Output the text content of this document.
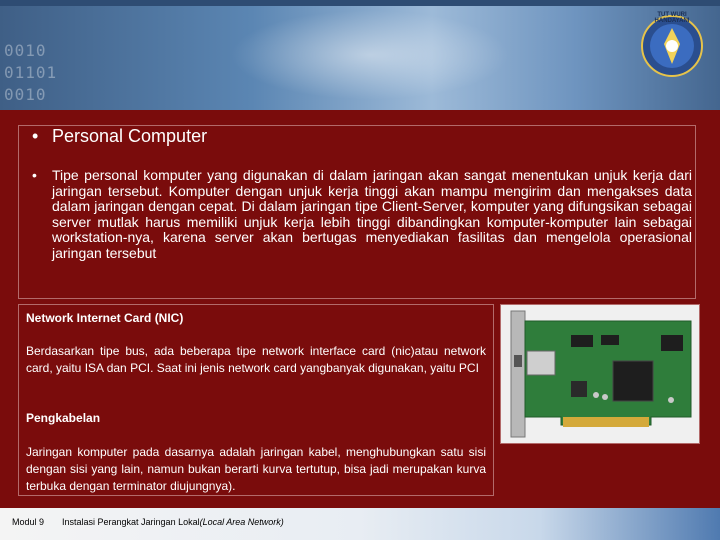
0010
01101
0010
TUT WURI HANDAYANI
• Personal Computer
• Tipe personal komputer yang digunakan di dalam jaringan akan sangat menentukan unjuk kerja dari jaringan tersebut. Komputer dengan unjuk kerja tinggi akan mampu mengirim dan mengakses data dalam jaringan dengan cepat. Di dalam jaringan tipe Client-Server, komputer yang difungsikan sebagai server mutlak harus memiliki unjuk kerja lebih tinggi dibandingkan komputer-komputer lain sebagai workstation-nya, karena server akan bertugas menyediakan fasilitas dan mengelola operasional jaringan tersebut
Network Internet Card (NIC)
Berdasarkan tipe bus, ada beberapa tipe network interface card (nic)atau network card, yaitu ISA dan PCI. Saat ini jenis network card yangbanyak digunakan, yaitu PCI
Pengkabelan
Jaringan komputer pada dasarnya adalah jaringan kabel, menghubungkan satu sisi dengan sisi yang lain, namun bukan berarti kurva tertutup, bisa jadi merupakan kurva terbuka dengan terminator diujungnya).
Modul 9 Instalasi Perangkat Jaringan Lokal(Local Area Network)
